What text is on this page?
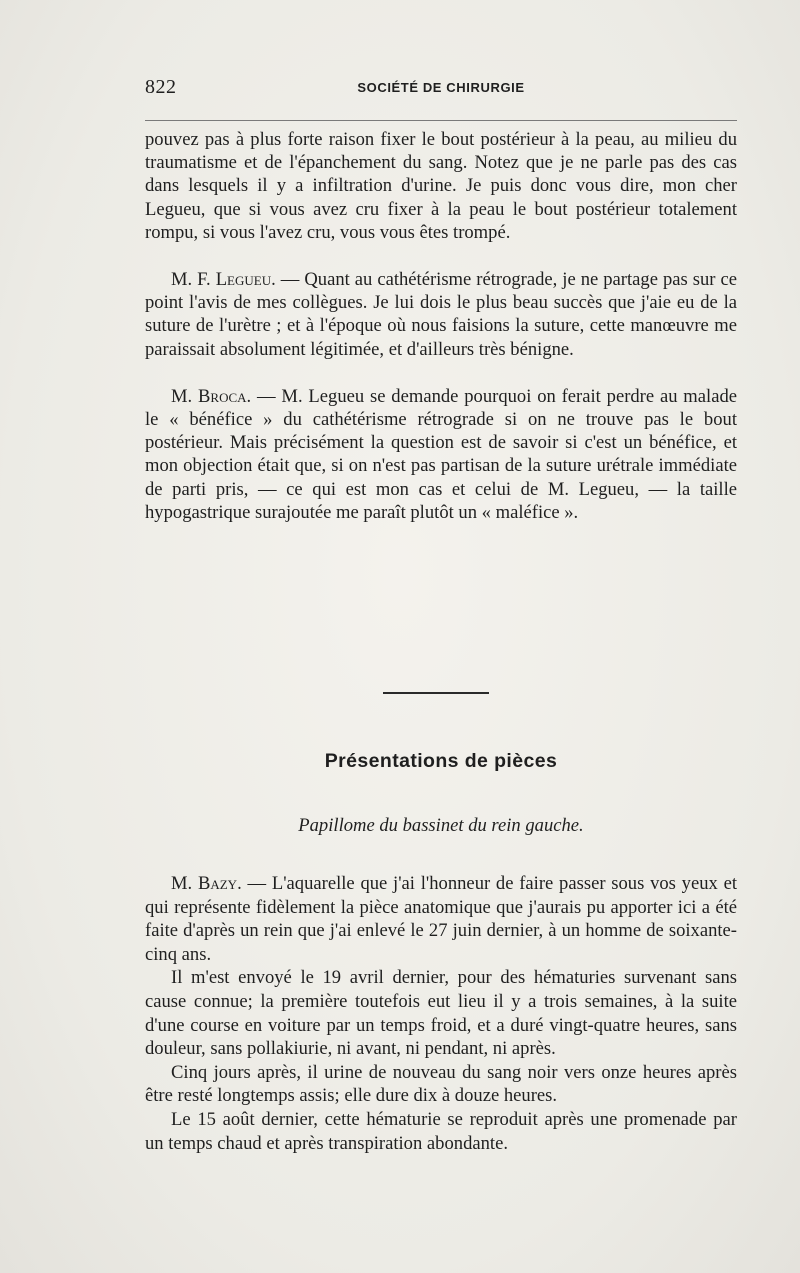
822	SOCIÉTÉ DE CHIRURGIE

pouvez pas à plus forte raison fixer le bout postérieur à la peau, au milieu du traumatisme et de l'épanchement du sang. Notez que je ne parle pas des cas dans lesquels il y a infiltration d'urine. Je puis donc vous dire, mon cher Legueu, que si vous avez cru fixer à la peau le bout postérieur totalement rompu, si vous l'avez cru, vous vous êtes trompé.

M. F. Legueu. — Quant au cathétérisme rétrograde, je ne partage pas sur ce point l'avis de mes collègues. Je lui dois le plus beau succès que j'aie eu de la suture de l'urètre ; et à l'époque où nous faisions la suture, cette manœuvre me paraissait absolument légitimée, et d'ailleurs très bénigne.

M. Broca. — M. Legueu se demande pourquoi on ferait perdre au malade le « bénéfice » du cathétérisme rétrograde si on ne trouve pas le bout postérieur. Mais précisément la question est de savoir si c'est un bénéfice, et mon objection était que, si on n'est pas partisan de la suture urétrale immédiate de parti pris, — ce qui est mon cas et celui de M. Legueu, — la taille hypogastrique surajoutée me paraît plutôt un « maléfice ».

Présentations de pièces
Papillome du bassinet du rein gauche.

M. Bazy. — L'aquarelle que j'ai l'honneur de faire passer sous vos yeux et qui représente fidèlement la pièce anatomique que j'aurais pu apporter ici a été faite d'après un rein que j'ai enlevé le 27 juin dernier, à un homme de soixante-cinq ans.

Il m'est envoyé le 19 avril dernier, pour des hématuries survenant sans cause connue; la première toutefois eut lieu il y a trois semaines, à la suite d'une course en voiture par un temps froid, et a duré vingt-quatre heures, sans douleur, sans pollakiurie, ni avant, ni pendant, ni après.

Cinq jours après, il urine de nouveau du sang noir vers onze heures après être resté longtemps assis; elle dure dix à douze heures.

Le 15 août dernier, cette hématurie se reproduit après une promenade par un temps chaud et après transpiration abondante.
